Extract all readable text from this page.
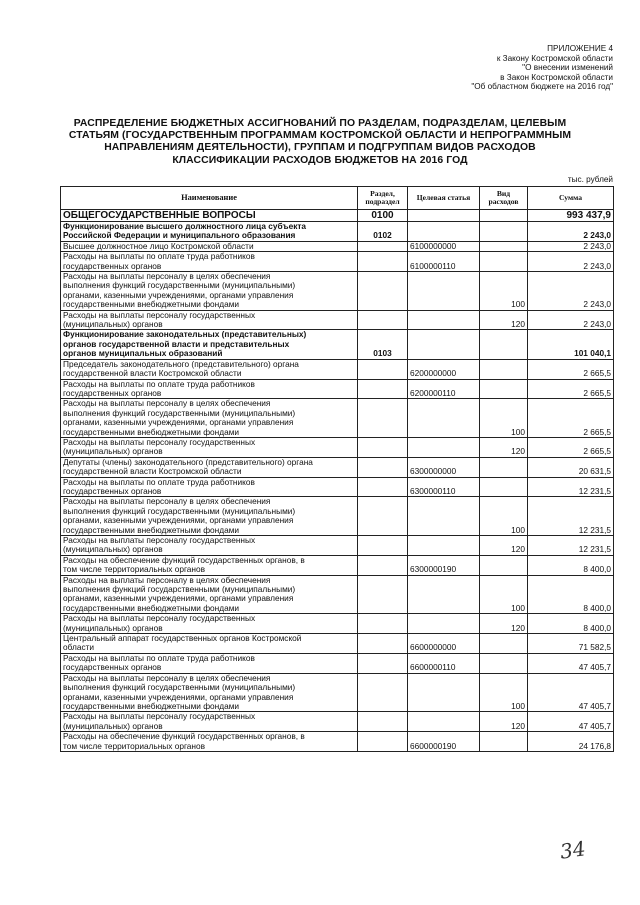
ПРИЛОЖЕНИЕ 4
к Закону Костромской области
"О внесении изменений
в Закон Костромской области
"Об областном бюджете на 2016 год"
РАСПРЕДЕЛЕНИЕ БЮДЖЕТНЫХ АССИГНОВАНИЙ ПО РАЗДЕЛАМ, ПОДРАЗДЕЛАМ, ЦЕЛЕВЫМ
СТАТЬЯМ (ГОСУДАРСТВЕННЫМ ПРОГРАММАМ КОСТРОМСКОЙ ОБЛАСТИ И НЕПРОГРАММНЫМ
НАПРАВЛЕНИЯМ ДЕЯТЕЛЬНОСТИ), ГРУППАМ И ПОДГРУППАМ ВИДОВ РАСХОДОВ
КЛАССИФИКАЦИИ РАСХОДОВ БЮДЖЕТОВ НА 2016 ГОД
тыс. рублей
Наименование	Раздел, подраздел	Целевая статья	Вид расходов	Сумма

ОБЩЕГОСУДАРСТВЕННЫЕ ВОПРОСЫ	0100			993 437,9

Функционирование высшего должностного лица субъекта
Российской Федерации и муниципального образования	0102			2 243,0

Высшее должностное лицо Костромской области		6100000000		2 243,0

Расходы на выплаты по оплате труда работников
государственных органов		6100000110		2 243,0

Расходы на выплаты персоналу в целях обеспечения
выполнения функций государственными (муниципальными)
органами, казенными учреждениями, органами управления
государственными внебюджетными фондами			100	2 243,0

Расходы на выплаты персоналу государственных
(муниципальных) органов			120	2 243,0

Функционирование законодательных (представительных)
органов государственной власти и представительных
органов муниципальных образований	0103			101 040,1

Председатель законодательного (представительного) органа
государственной власти Костромской области		6200000000		2 665,5

Расходы на выплаты по оплате труда работников
государственных органов		6200000110		2 665,5

Расходы на выплаты персоналу в целях обеспечения
выполнения функций государственными (муниципальными)
органами, казенными учреждениями, органами управления
государственными внебюджетными фондами			100	2 665,5

Расходы на выплаты персоналу государственных
(муниципальных) органов			120	2 665,5

Депутаты (члены) законодательного (представительного) органа
государственной власти Костромской области		6300000000		20 631,5

Расходы на выплаты по оплате труда работников
государственных органов		6300000110		12 231,5

Расходы на выплаты персоналу в целях обеспечения
выполнения функций государственными (муниципальными)
органами, казенными учреждениями, органами управления
государственными внебюджетными фондами			100	12 231,5

Расходы на выплаты персоналу государственных
(муниципальных) органов			120	12 231,5

Расходы на обеспечение функций государственных органов, в
том числе территориальных органов		6300000190		8 400,0

Расходы на выплаты персоналу в целях обеспечения
выполнения функций государственными (муниципальными)
органами, казенными учреждениями, органами управления
государственными внебюджетными фондами			100	8 400,0

Расходы на выплаты персоналу государственных
(муниципальных) органов			120	8 400,0

Центральный аппарат государственных органов Костромской
области		6600000000		71 582,5

Расходы на выплаты по оплате труда работников
государственных органов		6600000110		47 405,7

Расходы на выплаты персоналу в целях обеспечения
выполнения функций государственными (муниципальными)
органами, казенными учреждениями, органами управления
государственными внебюджетными фондами			100	47 405,7

Расходы на выплаты персоналу государственных
(муниципальных) органов			120	47 405,7

Расходы на обеспечение функций государственных органов, в
том числе территориальных органов		6600000190		24 176,8
34
